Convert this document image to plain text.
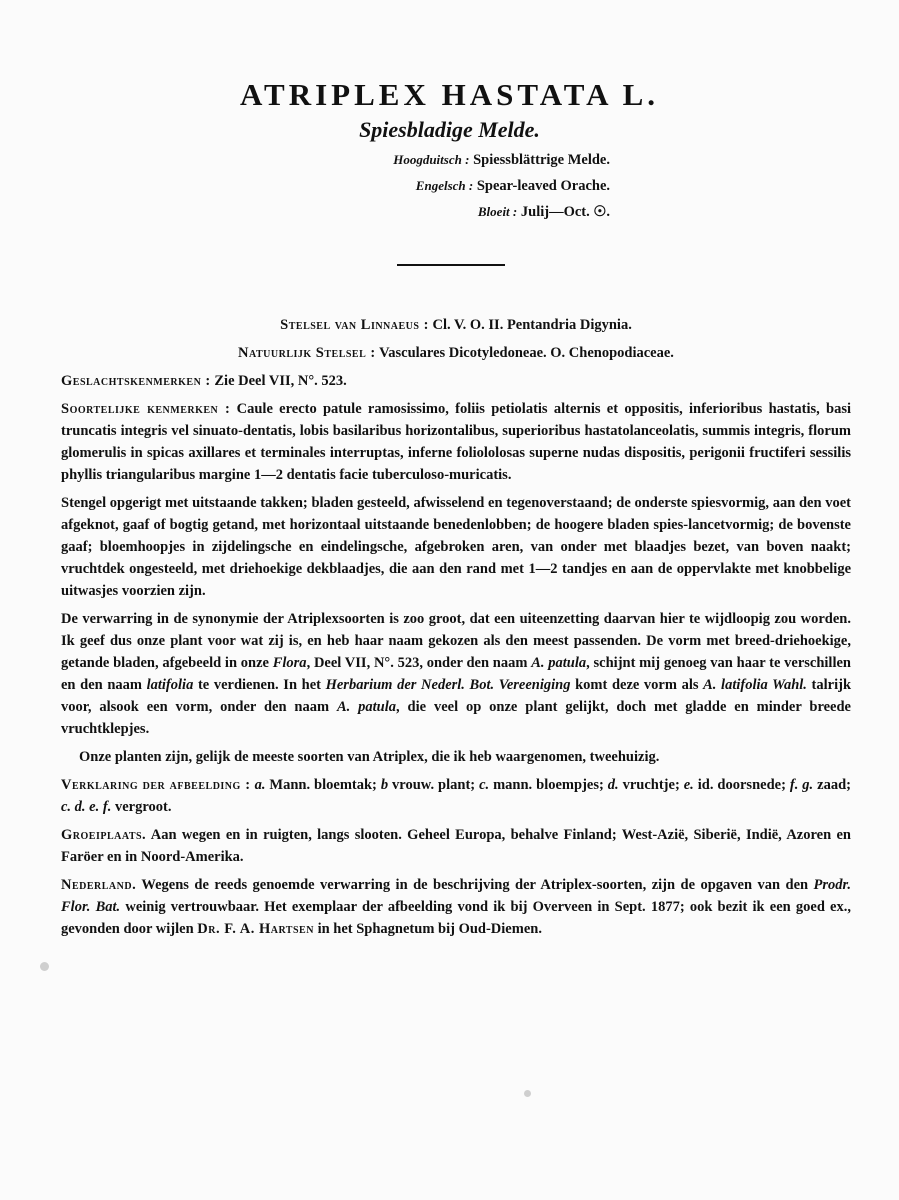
ATRIPLEX HASTATA L.
Spiesbladige Melde.
Hoogduitsch : Spiessblättrige Melde.
Engelsch : Spear-leaved Orache.
Bloeit : Julij—Oct. ☉.

Stelsel van Linnaeus : Cl. V. O. II. Pentandria Digynia.

Natuurlijk Stelsel : Vasculares Dicotyledoneae. O. Chenopodiaceae.

Geslachtskenmerken : Zie Deel VII, N°. 523.

Soortelijke kenmerken : Caule erecto patule ramosissimo, foliis petiolatis alternis et oppositis, inferioribus hastatis, basi truncatis integris vel sinuato-dentatis, lobis basilaribus horizontalibus, superioribus hastatolanceolatis, summis integris, florum glomerulis in spicas axillares et terminales interruptas, inferne foliololosas superne nudas dispositis, perigonii fructiferi sessilis phyllis triangularibus margine 1—2 dentatis facie tuberculoso-muricatis.

Stengel opgerigt met uitstaande takken; bladen gesteeld, afwisselend en tegenoverstaand; de onderste spiesvormig, aan den voet afgeknot, gaaf of bogtig getand, met horizontaal uitstaande benedenlobben; de hoogere bladen spies-lancetvormig; de bovenste gaaf; bloemhoopjes in zijdelingsche en eindelingsche, afgebroken aren, van onder met blaadjes bezet, van boven naakt; vruchtdek ongesteeld, met driehoekige dekblaadjes, die aan den rand met 1—2 tandjes en aan de oppervlakte met knobbelige uitwasjes voorzien zijn.

De verwarring in de synonymie der Atriplexsoorten is zoo groot, dat een uiteenzetting daarvan hier te wijdloopig zou worden. Ik geef dus onze plant voor wat zij is, en heb haar naam gekozen als den meest passenden. De vorm met breed-driehoekige, getande bladen, afgebeeld in onze Flora, Deel VII, N°. 523, onder den naam A. patula, schijnt mij genoeg van haar te verschillen en den naam latifolia te verdienen. In het Herbarium der Nederl. Bot. Vereeniging komt deze vorm als A. latifolia Wahl. talrijk voor, alsook een vorm, onder den naam A. patula, die veel op onze plant gelijkt, doch met gladde en minder breede vruchtklepjes.

Onze planten zijn, gelijk de meeste soorten van Atriplex, die ik heb waargenomen, tweehuizig.

Verklaring der afbeelding : a. Mann. bloemtak; b vrouw. plant; c. mann. bloempjes; d. vruchtje; e. id. doorsnede; f. g. zaad; c. d. e. f. vergroot.

Groeiplaats. Aan wegen en in ruigten, langs slooten. Geheel Europa, behalve Finland; West-Azië, Siberië, Indië, Azoren en Faröer en in Noord-Amerika.

Nederland. Wegens de reeds genoemde verwarring in de beschrijving der Atriplex-soorten, zijn de opgaven van den Prodr. Flor. Bat. weinig vertrouwbaar. Het exemplaar der afbeelding vond ik bij Overveen in Sept. 1877; ook bezit ik een goed ex., gevonden door wijlen Dr. F. A. Hartsen in het Sphagnetum bij Oud-Diemen.
